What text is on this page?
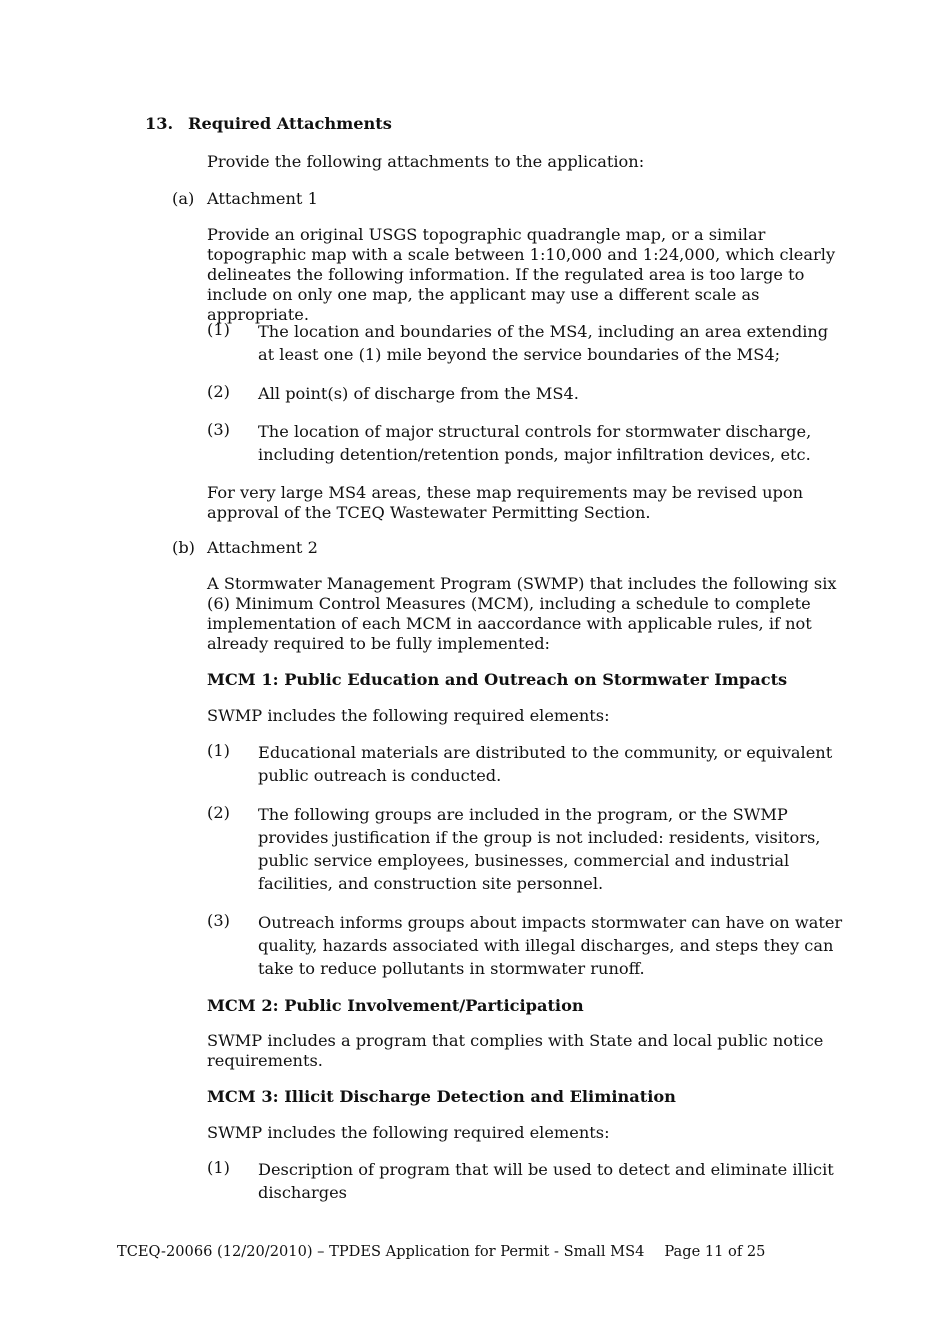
13. Required Attachments
Provide the following attachments to the application:
(a) Attachment 1
Provide an original USGS topographic quadrangle map, or a similar topographic map with a scale between 1:10,000 and 1:24,000, which clearly delineates the following information. If the regulated area is too large to include on only one map, the applicant may use a different scale as appropriate.
(1) The location and boundaries of the MS4, including an area extending at least one (1) mile beyond the service boundaries of the MS4;
(2) All point(s) of discharge from the MS4.
(3) The location of major structural controls for stormwater discharge, including detention/retention ponds, major infiltration devices, etc.
For very large MS4 areas, these map requirements may be revised upon approval of the TCEQ Wastewater Permitting Section.
(b) Attachment 2
A Stormwater Management Program (SWMP) that includes the following six (6) Minimum Control Measures (MCM), including a schedule to complete implementation of each MCM in aaccordance with applicable rules, if not already required to be fully implemented:
MCM 1: Public Education and Outreach on Stormwater Impacts
SWMP includes the following required elements:
(1) Educational materials are distributed to the community, or equivalent public outreach is conducted.
(2) The following groups are included in the program, or the SWMP provides justification if the group is not included: residents, visitors, public service employees, businesses, commercial and industrial facilities, and construction site personnel.
(3) Outreach informs groups about impacts stormwater can have on water quality, hazards associated with illegal discharges, and steps they can take to reduce pollutants in stormwater runoff.
MCM 2: Public Involvement/Participation
SWMP includes a program that complies with State and local public notice requirements.
MCM 3: Illicit Discharge Detection and Elimination
SWMP includes the following required elements:
(1) Description of program that will be used to detect and eliminate illicit discharges
TCEQ-20066 (12/20/2010) – TPDES Application for Permit - Small MS4 Page 11 of 25
